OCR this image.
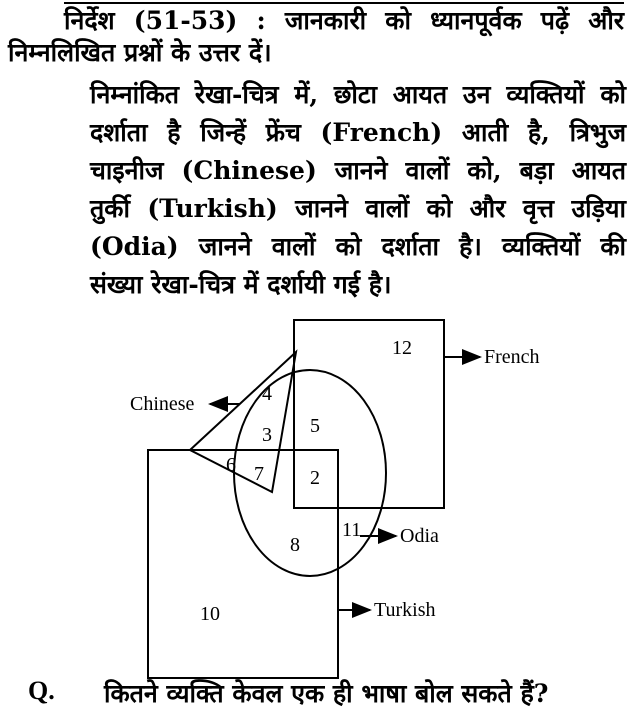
निर्देश (51-53) : जानकारी को ध्यानपूर्वक पढ़ें और
निम्नलिखित प्रश्नों के उत्तर दें।
निम्नांकित रेखा-चित्र में, छोटा आयत उन व्यक्तियों को
दर्शाता है जिन्हें फ्रेंच (French) आती है, त्रिभुज
चाइनीज (Chinese) जानने वालों को, बड़ा आयत
तुर्की (Turkish) जानने वालों को और वृत्त उड़िया
(Odia) जानने वालों को दर्शाता है। व्यक्तियों की
संख्या रेखा-चित्र में दर्शायी गई है।
French
Chinese
Odia
Turkish
12
4
3 5
6 7 2
8
11
10
Q. कितने व्यक्ति केवल एक ही भाषा बोल सकते हैं?
